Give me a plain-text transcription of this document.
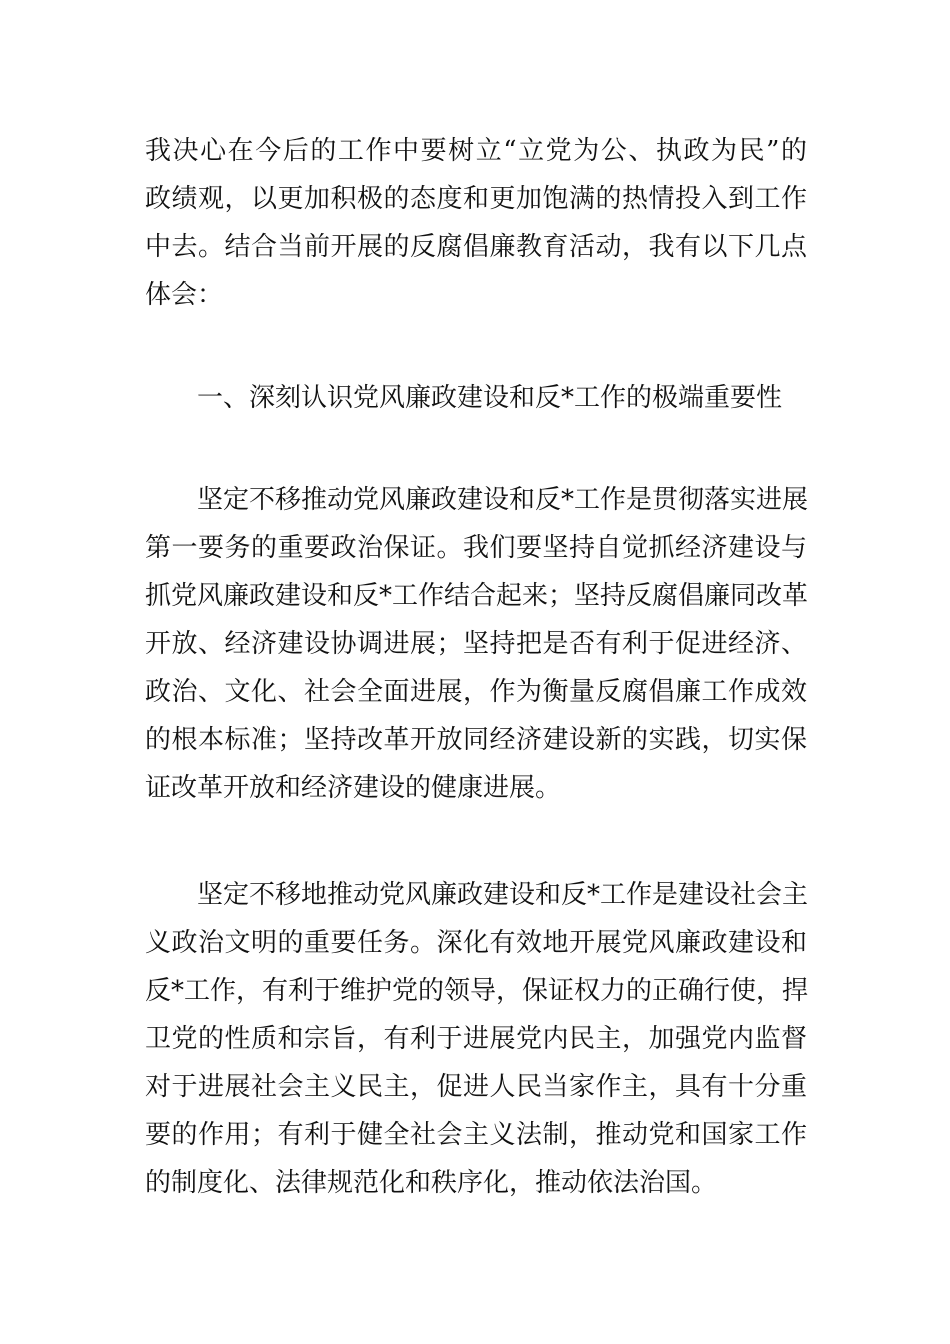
我决心在今后的工作中要树立“立党为公、执政为民”的
政绩观，以更加积极的态度和更加饱满的热情投入到工作
中去。结合当前开展的反腐倡廉教育活动，我有以下几点
体会：
一、深刻认识党风廉政建设和反*工作的极端重要性
坚定不移推动党风廉政建设和反*工作是贯彻落实进展
第一要务的重要政治保证。我们要坚持自觉抓经济建设与
抓党风廉政建设和反*工作结合起来；坚持反腐倡廉同改革
开放、经济建设协调进展；坚持把是否有利于促进经济、
政治、文化、社会全面进展，作为衡量反腐倡廉工作成效
的根本标准；坚持改革开放同经济建设新的实践，切实保
证改革开放和经济建设的健康进展。
坚定不移地推动党风廉政建设和反*工作是建设社会主
义政治文明的重要任务。深化有效地开展党风廉政建设和
反*工作，有利于维护党的领导，保证权力的正确行使，捍
卫党的性质和宗旨，有利于进展党内民主，加强党内监督
对于进展社会主义民主，促进人民当家作主，具有十分重
要的作用；有利于健全社会主义法制，推动党和国家工作
的制度化、法律规范化和秩序化，推动依法治国。
